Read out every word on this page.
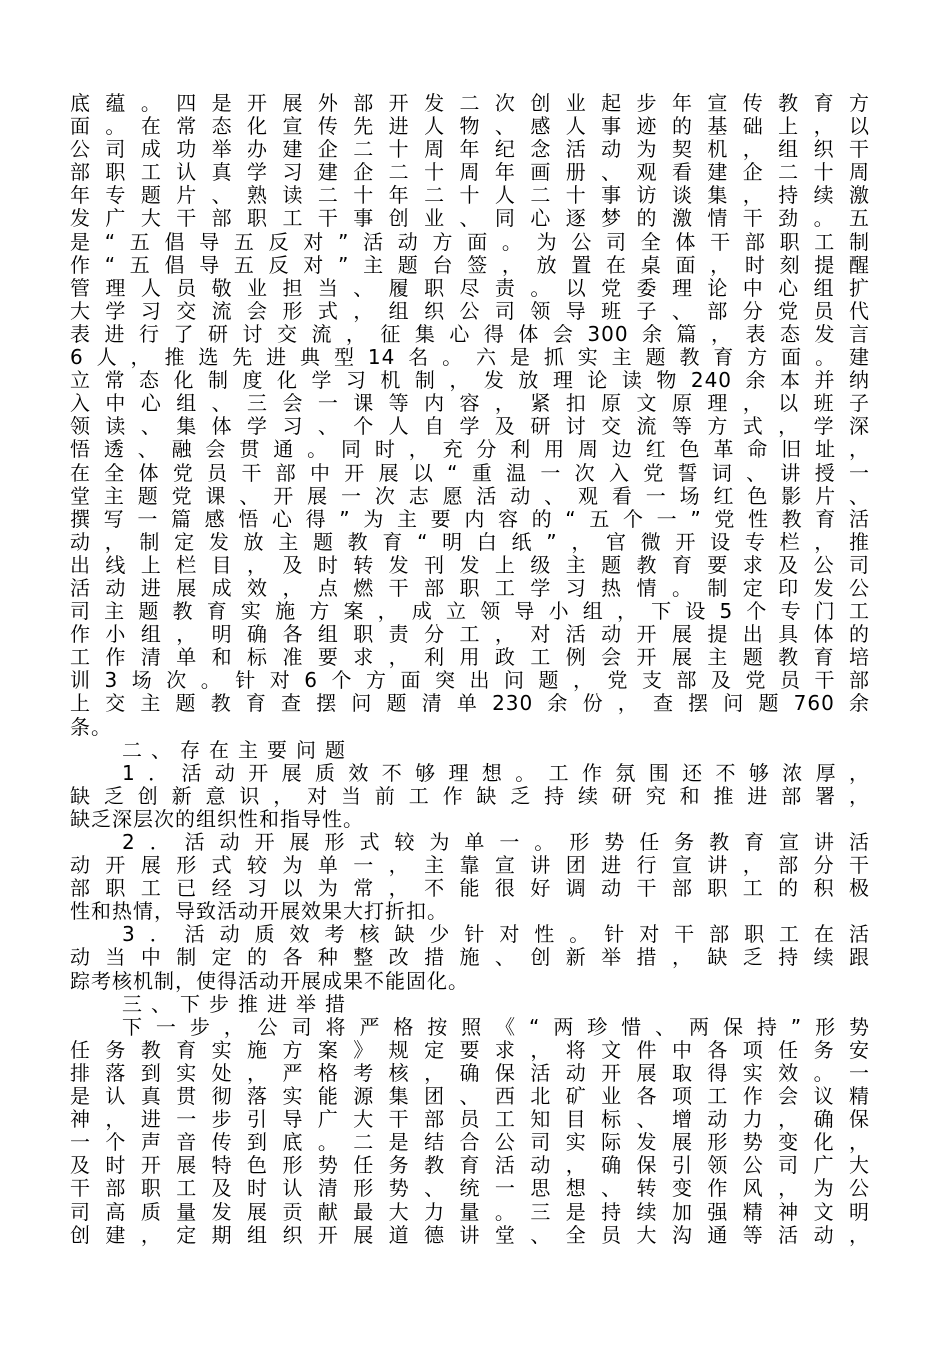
底蕴。四是开展外部开发二次创业起步年宣传教育方
面。在常态化宣传先进人物、感人事迹的基础上，以
公司成功举办建企二十周年纪念活动为契机，组织干
部职工认真学习建企二十周年画册、观看建企二十周
年专题片、熟读二十年二十人二十事访谈集，持续激
发广大干部职工干事创业、同心逐梦的激情干劲。五
是“五倡导五反对”活动方面。为公司全体干部职工制
作“五倡导五反对”主题台签，放置在桌面，时刻提醒
管理人员敬业担当、履职尽责。以党委理论中心组扩
大学习交流会形式，组织公司领导班子、部分党员代
表进行了研讨交流，征集心得体会300余篇，表态发言
6人，推选先进典型14名。六是抓实主题教育方面。建
立常态化制度化学习机制，发放理论读物240余本并纳
入中心组、三会一课等内容，紧扣原文原理，以班子
领读、集体学习、个人自学及研讨交流等方式，学深
悟透、融会贯通。同时，充分利用周边红色革命旧址，
在全体党员干部中开展以“重温一次入党誓词、讲授一
堂主题党课、开展一次志愿活动、观看一场红色影片、
撰写一篇感悟心得”为主要内容的“五个一”党性教育活
动，制定发放主题教育“明白纸”，官微开设专栏，推
出线上栏目，及时转发刊发上级主题教育要求及公司
活动进展成效，点燃干部职工学习热情。制定印发公
司主题教育实施方案，成立领导小组，下设5个专门工
作小组，明确各组职责分工，对活动开展提出具体的
工作清单和标准要求，利用政工例会开展主题教育培
训3场次。针对6个方面突出问题，党支部及党员干部
上交主题教育查摆问题清单230余份，查摆问题760余
条。
二、存在主要问题
1．活动开展质效不够理想。工作氛围还不够浓厚，
缺乏创新意识，对当前工作缺乏持续研究和推进部署，
缺乏深层次的组织性和指导性。
2．活动开展形式较为单一。形势任务教育宣讲活
动开展形式较为单一，主靠宣讲团进行宣讲，部分干
部职工已经习以为常，不能很好调动干部职工的积极
性和热情，导致活动开展效果大打折扣。
3．活动质效考核缺少针对性。针对干部职工在活
动当中制定的各种整改措施、创新举措，缺乏持续跟
踪考核机制，使得活动开展成果不能固化。
三、下步推进举措
下一步，公司将严格按照《“两珍惜、两保持”形势
任务教育实施方案》规定要求，将文件中各项任务安
排落到实处，严格考核，确保活动开展取得实效。一
是认真贯彻落实能源集团、西北矿业各项工作会议精
神，进一步引导广大干部员工知目标、增动力，确保
一个声音传到底。二是结合公司实际发展形势变化，
及时开展特色形势任务教育活动，确保引领公司广大
干部职工及时认清形势、统一思想、转变作风，为公
司高质量发展贡献最大力量。三是持续加强精神文明
创建，定期组织开展道德讲堂、全员大沟通等活动，
